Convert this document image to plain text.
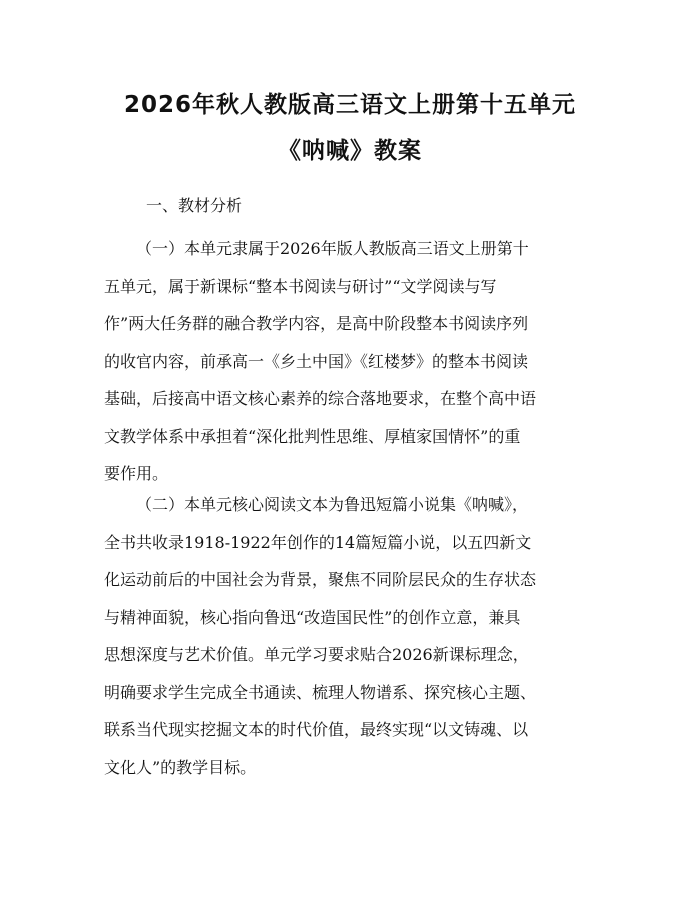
2026年秋人教版高三语文上册第十五单元
《呐喊》教案

一、教材分析

（一）本单元隶属于2026年版人教版高三语文上册第十
五单元，属于新课标“整本书阅读与研讨”“文学阅读与写
作”两大任务群的融合教学内容，是高中阶段整本书阅读序列
的收官内容，前承高一《乡土中国》《红楼梦》的整本书阅读
基础，后接高中语文核心素养的综合落地要求，在整个高中语
文教学体系中承担着“深化批判性思维、厚植家国情怀”的重
要作用。

（二）本单元核心阅读文本为鲁迅短篇小说集《呐喊》，
全书共收录1918-1922年创作的14篇短篇小说，以五四新文
化运动前后的中国社会为背景，聚焦不同阶层民众的生存状态
与精神面貌，核心指向鲁迅“改造国民性”的创作立意，兼具
思想深度与艺术价值。单元学习要求贴合2026新课标理念，
明确要求学生完成全书通读、梳理人物谱系、探究核心主题、
联系当代现实挖掘文本的时代价值，最终实现“以文铸魂、以
文化人”的教学目标。
